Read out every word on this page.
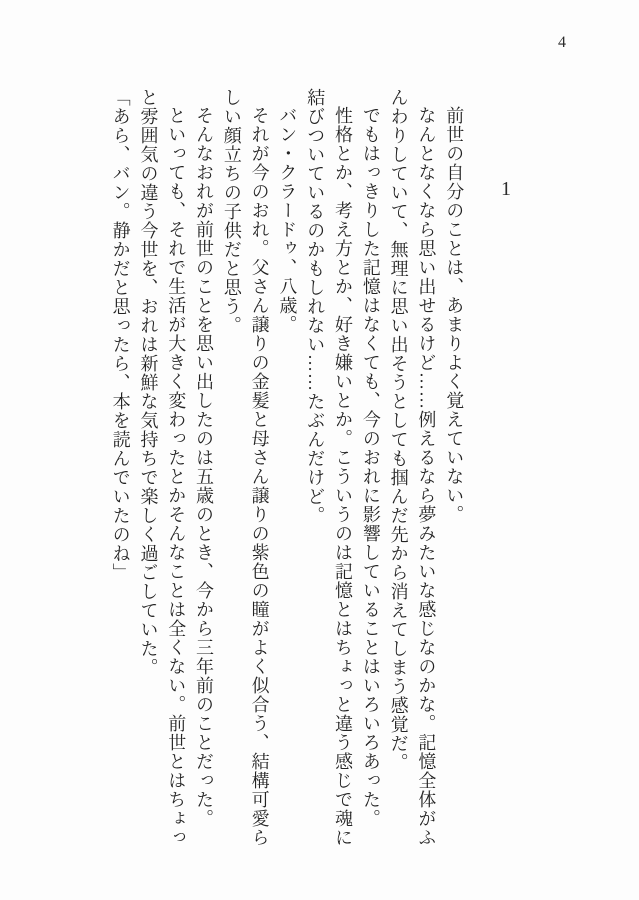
4
1

前世の自分のことは、あまりよく覚えていない。

なんとなくなら思い出せるけど……例えるなら夢みたいな感じなのかな。記憶全体がふんわりしていて、無理に思い出そうとしても掴んだ先から消えてしまう感覚だ。

でもはっきりした記憶はなくても、今のおれに影響していることはいろいろあった。

性格とか、考え方とか、好き嫌いとか。こういうのは記憶とはちょっと違う感じで魂に結びついているのかもしれない……たぶんだけど。

バン・クラードゥ、八歳。

それが今のおれ。父さん譲りの金髪と母さん譲りの紫色の瞳がよく似合う、結構可愛らしい顔立ちの子供だと思う。

そんなおれが前世のことを思い出したのは五歳のとき、今から三年前のことだった。

といっても、それで生活が大きく変わったとかそんなことは全くない。前世とはちょっと雰囲気の違う今世を、おれは新鮮な気持ちで楽しく過ごしていた。

「あら、バン。静かだと思ったら、本を読んでいたのね」
